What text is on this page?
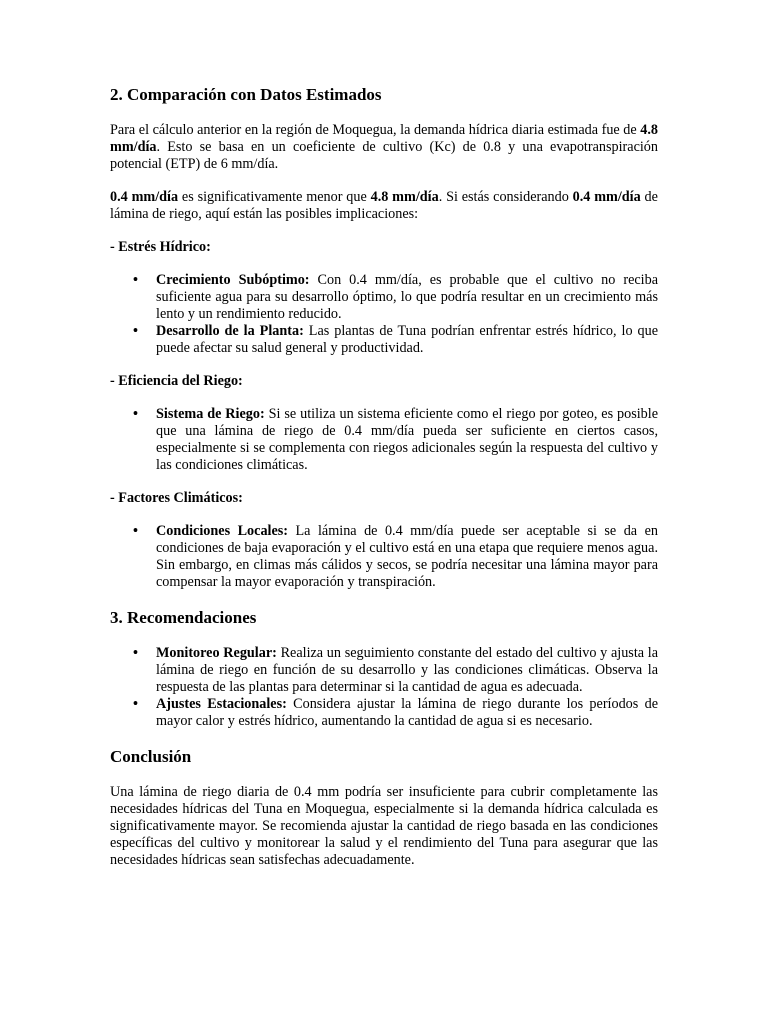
2. Comparación con Datos Estimados

Para el cálculo anterior en la región de Moquegua, la demanda hídrica diaria estimada fue de 4.8 mm/día. Esto se basa en un coeficiente de cultivo (Kc) de 0.8 y una evapotranspiración potencial (ETP) de 6 mm/día.

0.4 mm/día es significativamente menor que 4.8 mm/día. Si estás considerando 0.4 mm/día de lámina de riego, aquí están las posibles implicaciones:

- Estrés Hídrico:
• Crecimiento Subóptimo: Con 0.4 mm/día, es probable que el cultivo no reciba suficiente agua para su desarrollo óptimo, lo que podría resultar en un crecimiento más lento y un rendimiento reducido.
• Desarrollo de la Planta: Las plantas de Tuna podrían enfrentar estrés hídrico, lo que puede afectar su salud general y productividad.
- Eficiencia del Riego:
• Sistema de Riego: Si se utiliza un sistema eficiente como el riego por goteo, es posible que una lámina de riego de 0.4 mm/día pueda ser suficiente en ciertos casos, especialmente si se complementa con riegos adicionales según la respuesta del cultivo y las condiciones climáticas.
- Factores Climáticos:
• Condiciones Locales: La lámina de 0.4 mm/día puede ser aceptable si se da en condiciones de baja evaporación y el cultivo está en una etapa que requiere menos agua. Sin embargo, en climas más cálidos y secos, se podría necesitar una lámina mayor para compensar la mayor evaporación y transpiración.
3. Recomendaciones
• Monitoreo Regular: Realiza un seguimiento constante del estado del cultivo y ajusta la lámina de riego en función de su desarrollo y las condiciones climáticas. Observa la respuesta de las plantas para determinar si la cantidad de agua es adecuada.
• Ajustes Estacionales: Considera ajustar la lámina de riego durante los períodos de mayor calor y estrés hídrico, aumentando la cantidad de agua si es necesario.
Conclusión

Una lámina de riego diaria de 0.4 mm podría ser insuficiente para cubrir completamente las necesidades hídricas del Tuna en Moquegua, especialmente si la demanda hídrica calculada es significativamente mayor. Se recomienda ajustar la cantidad de riego basada en las condiciones específicas del cultivo y monitorear la salud y el rendimiento del Tuna para asegurar que las necesidades hídricas sean satisfechas adecuadamente.
